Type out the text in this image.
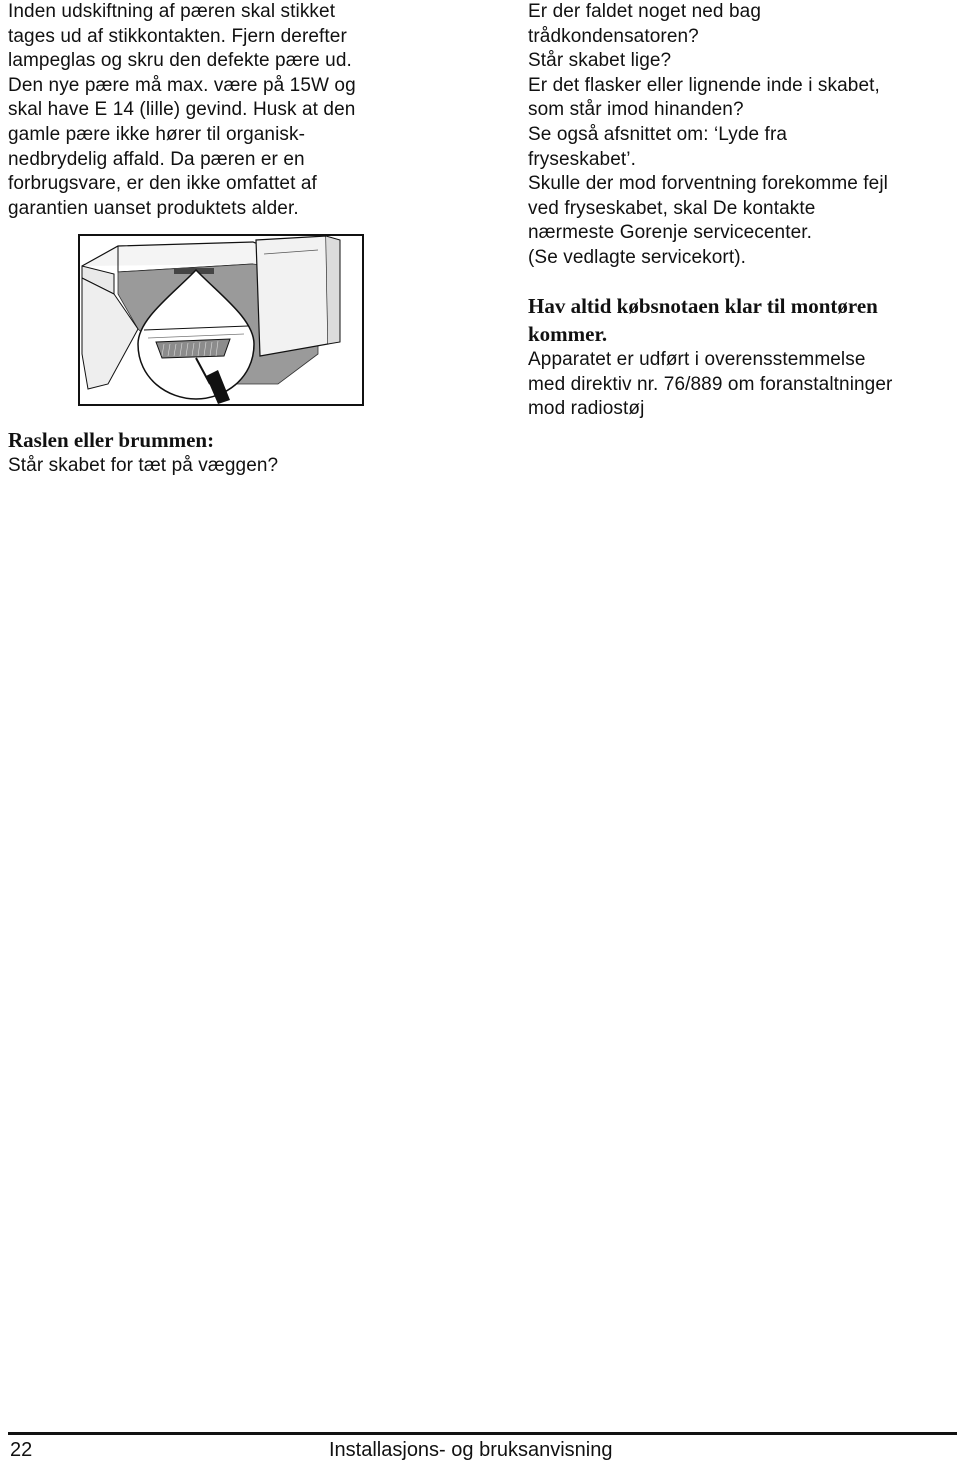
Inden udskiftning af pæren skal stikket
tages ud af stikkontakten. Fjern derefter
lampeglas og skru den defekte pære ud.
Den nye pære må max. være på 15W og
skal have E 14 (lille) gevind. Husk at den
gamle pære ikke hører til organisk-
nedbrydelig affald. Da pæren er en
forbrugsvare, er den ikke omfattet af
garantien uanset produktets alder.

Raslen eller brummen:

Står skabet for tæt på væggen?

Er der faldet noget ned bag
trådkondensatoren?
Står skabet lige?
Er det flasker eller lignende inde i skabet,
som står imod hinanden?
Se også afsnittet om: ‘Lyde fra
fryseskabet’.
Skulle der mod forventning forekomme fejl
ved fryseskabet, skal De kontakte
nærmeste Gorenje servicecenter.
(Se vedlagte servicekort).

Hav altid købsnotaen klar til montøren
kommer.

Apparatet er udført i overensstemmelse
med direktiv nr. 76/889 om foranstaltninger
mod radiostøj

22	Installasjons- og bruksanvisning
